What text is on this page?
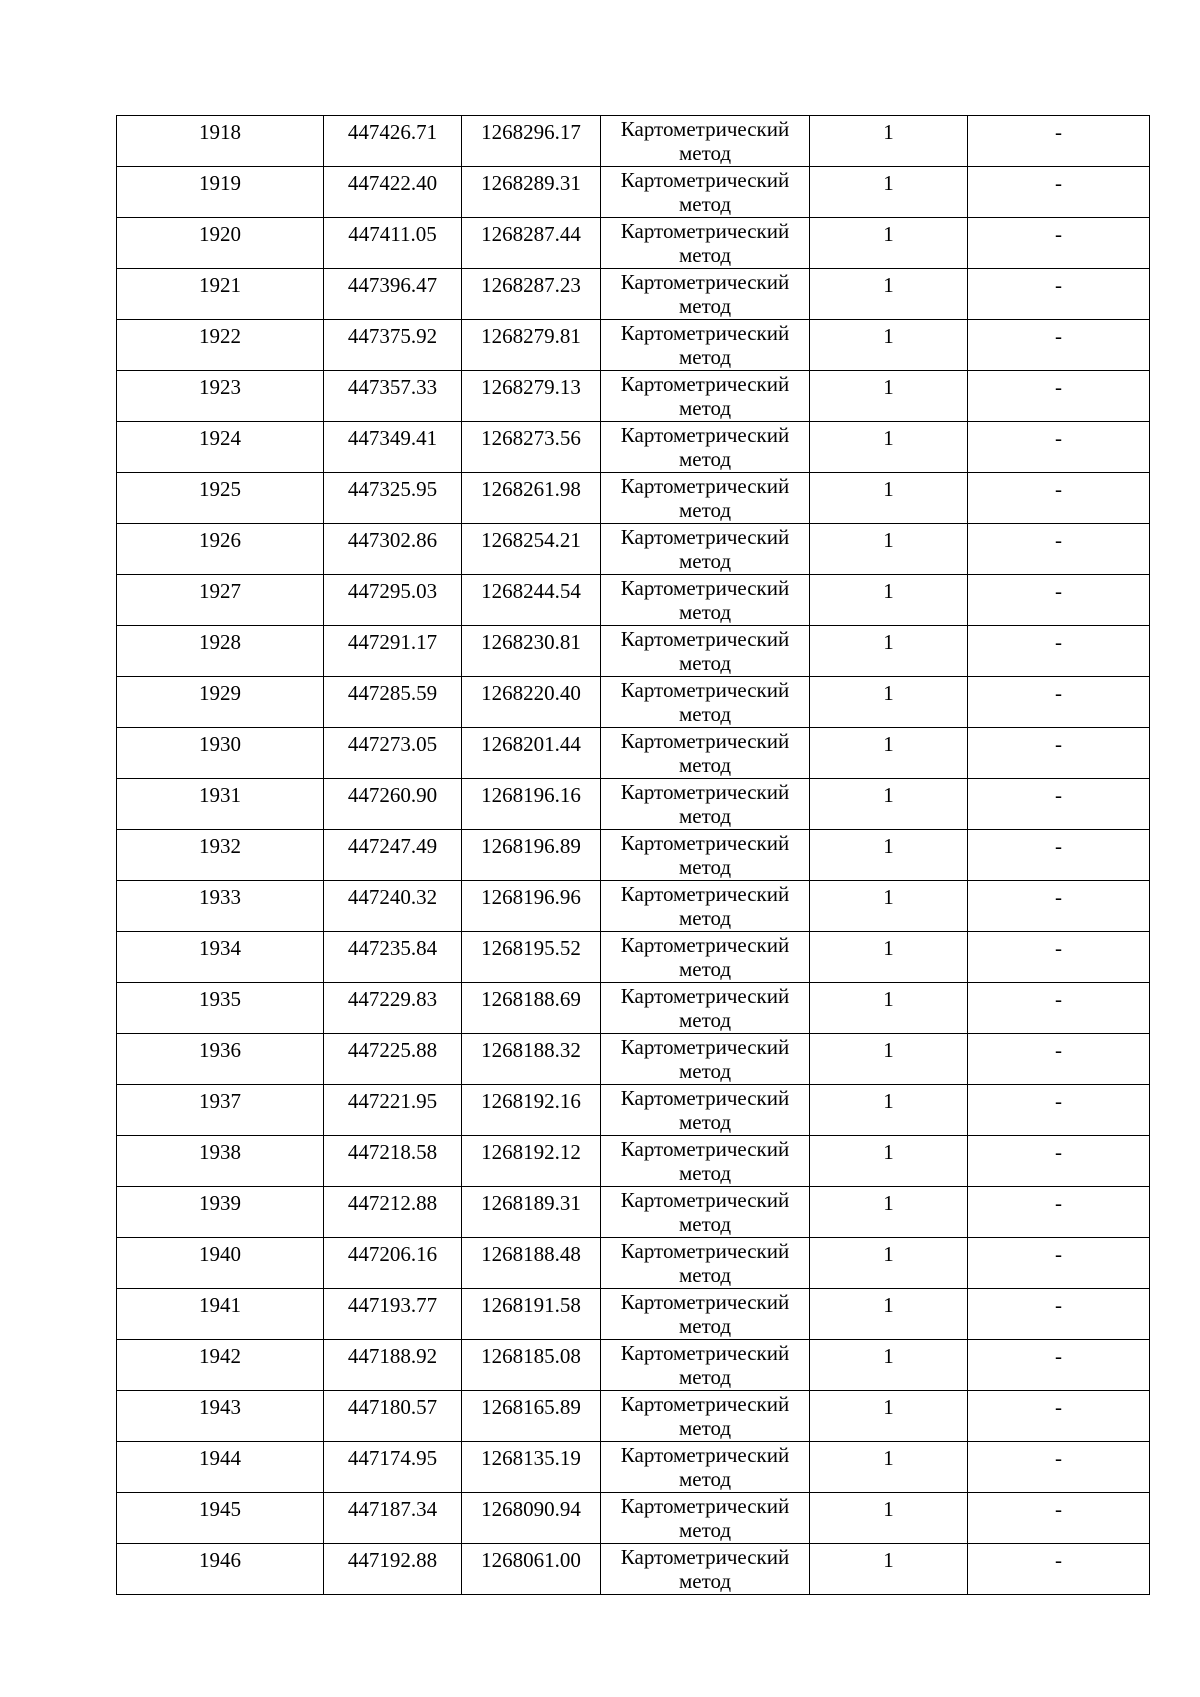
1918	447426.71	1268296.17	Картометрический метод	1	-

1919	447422.40	1268289.31	Картометрический метод	1	-

1920	447411.05	1268287.44	Картометрический метод	1	-

1921	447396.47	1268287.23	Картометрический метод	1	-

1922	447375.92	1268279.81	Картометрический метод	1	-

1923	447357.33	1268279.13	Картометрический метод	1	-

1924	447349.41	1268273.56	Картометрический метод	1	-

1925	447325.95	1268261.98	Картометрический метод	1	-

1926	447302.86	1268254.21	Картометрический метод	1	-

1927	447295.03	1268244.54	Картометрический метод	1	-

1928	447291.17	1268230.81	Картометрический метод	1	-

1929	447285.59	1268220.40	Картометрический метод	1	-

1930	447273.05	1268201.44	Картометрический метод	1	-

1931	447260.90	1268196.16	Картометрический метод	1	-

1932	447247.49	1268196.89	Картометрический метод	1	-

1933	447240.32	1268196.96	Картометрический метод	1	-

1934	447235.84	1268195.52	Картометрический метод	1	-

1935	447229.83	1268188.69	Картометрический метод	1	-

1936	447225.88	1268188.32	Картометрический метод	1	-

1937	447221.95	1268192.16	Картометрический метод	1	-

1938	447218.58	1268192.12	Картометрический метод	1	-

1939	447212.88	1268189.31	Картометрический метод	1	-

1940	447206.16	1268188.48	Картометрический метод	1	-

1941	447193.77	1268191.58	Картометрический метод	1	-

1942	447188.92	1268185.08	Картометрический метод	1	-

1943	447180.57	1268165.89	Картометрический метод	1	-

1944	447174.95	1268135.19	Картометрический метод	1	-

1945	447187.34	1268090.94	Картометрический метод	1	-

1946	447192.88	1268061.00	Картометрический метод	1	-
